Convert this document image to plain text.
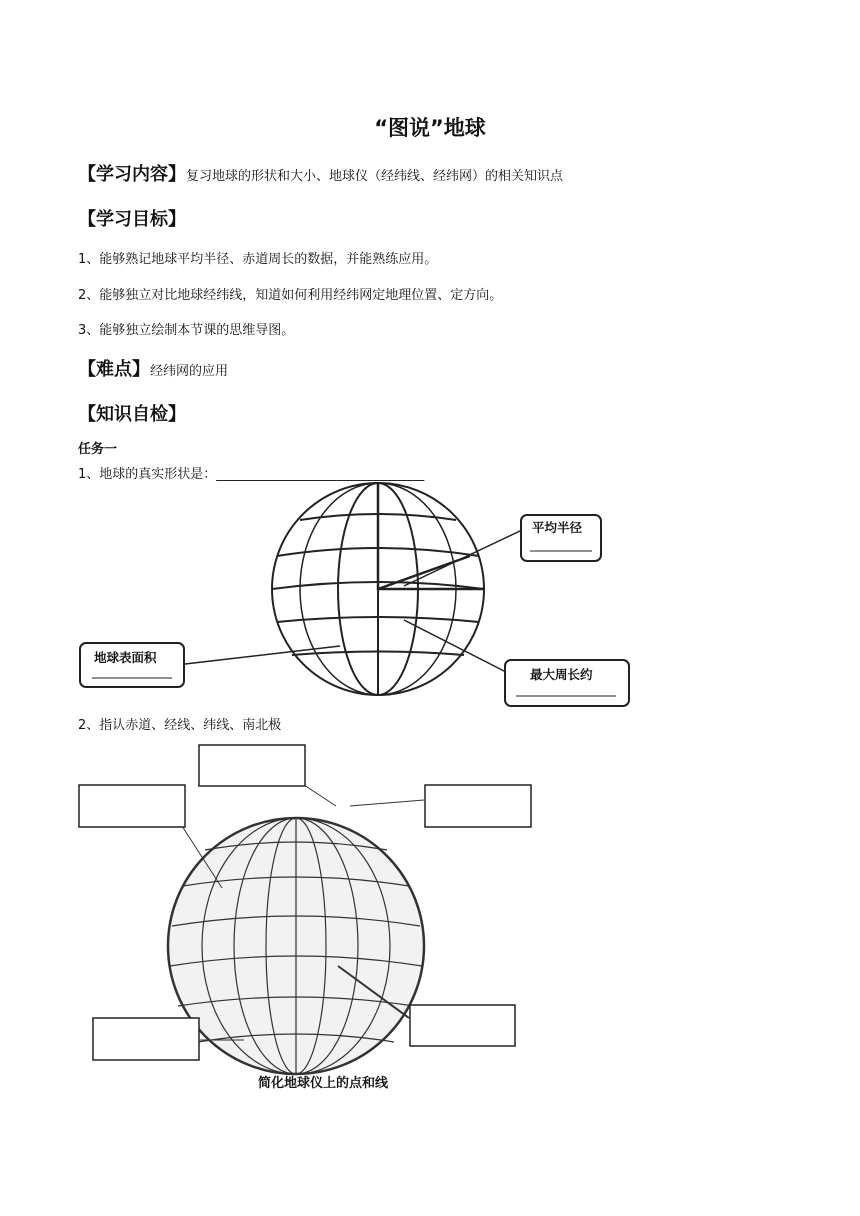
“图说”地球
【学习内容】复习地球的形状和大小、地球仪（经纬线、经纬网）的相关知识点
【学习目标】
1、能够熟记地球平均半径、赤道周长的数据，并能熟练应用。
2、能够独立对比地球经纬线，知道如何利用经纬网定地理位置、定方向。
3、能够独立绘制本节课的思维导图。
【难点】经纬网的应用
【知识自检】
任务一
1、地球的真实形状是：________________________________
平均半径
地球表面积
最大周长约
2、指认赤道、经线、纬线、南北极
简化地球仪上的点和线
